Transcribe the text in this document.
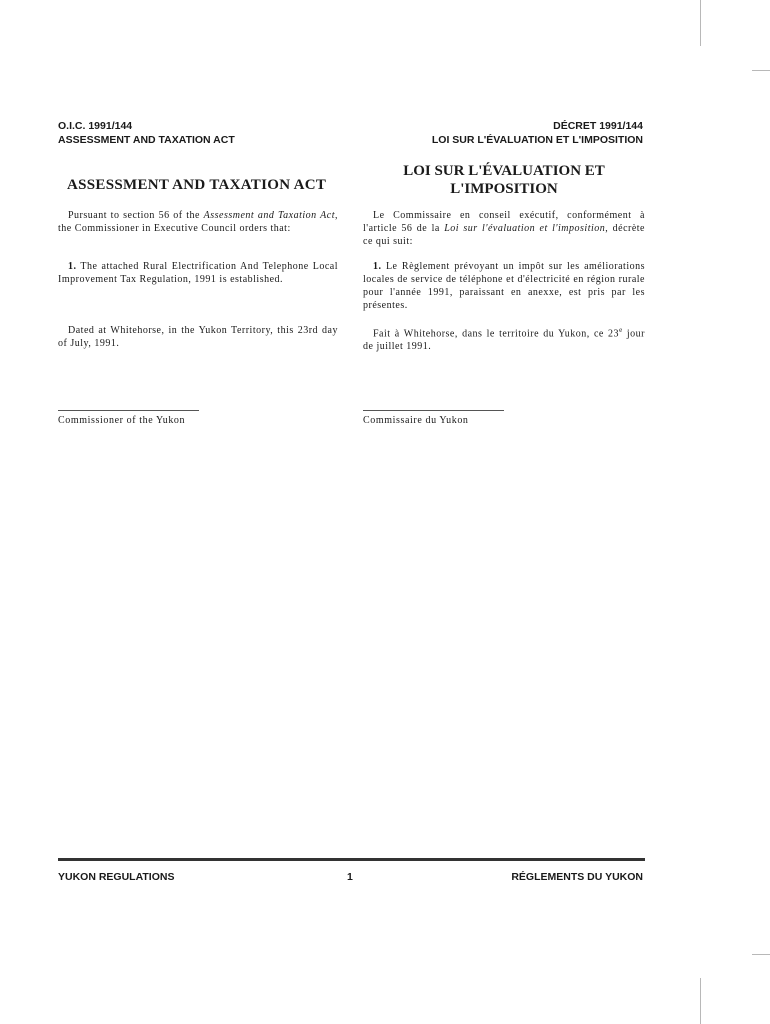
O.I.C. 1991/144
ASSESSMENT AND TAXATION ACT
DÉCRET 1991/144
LOI SUR L'ÉVALUATION ET L'IMPOSITION
ASSESSMENT AND TAXATION ACT
LOI SUR L'ÉVALUATION ET
L'IMPOSITION

Pursuant to section 56 of the Assessment and Taxation Act, the Commissioner in Executive Council orders that:

1. The attached Rural Electrification And Telephone Local Improvement Tax Regulation, 1991 is established.

Dated at Whitehorse, in the Yukon Territory, this 23rd day of July, 1991.

Commissioner of the Yukon

Le Commissaire en conseil exécutif, conformément à l'article 56 de la Loi sur l'évaluation et l'imposition, décrète ce qui suit:

1. Le Règlement prévoyant un impôt sur les améliorations locales de service de téléphone et d'électricité en région rurale pour l'année 1991, paraissant en anexxe, est pris par les présentes.

Fait à Whitehorse, dans le territoire du Yukon, ce 23e jour de juillet 1991.

Commissaire du Yukon
YUKON REGULATIONS	1	RÉGLEMENTS DU YUKON
